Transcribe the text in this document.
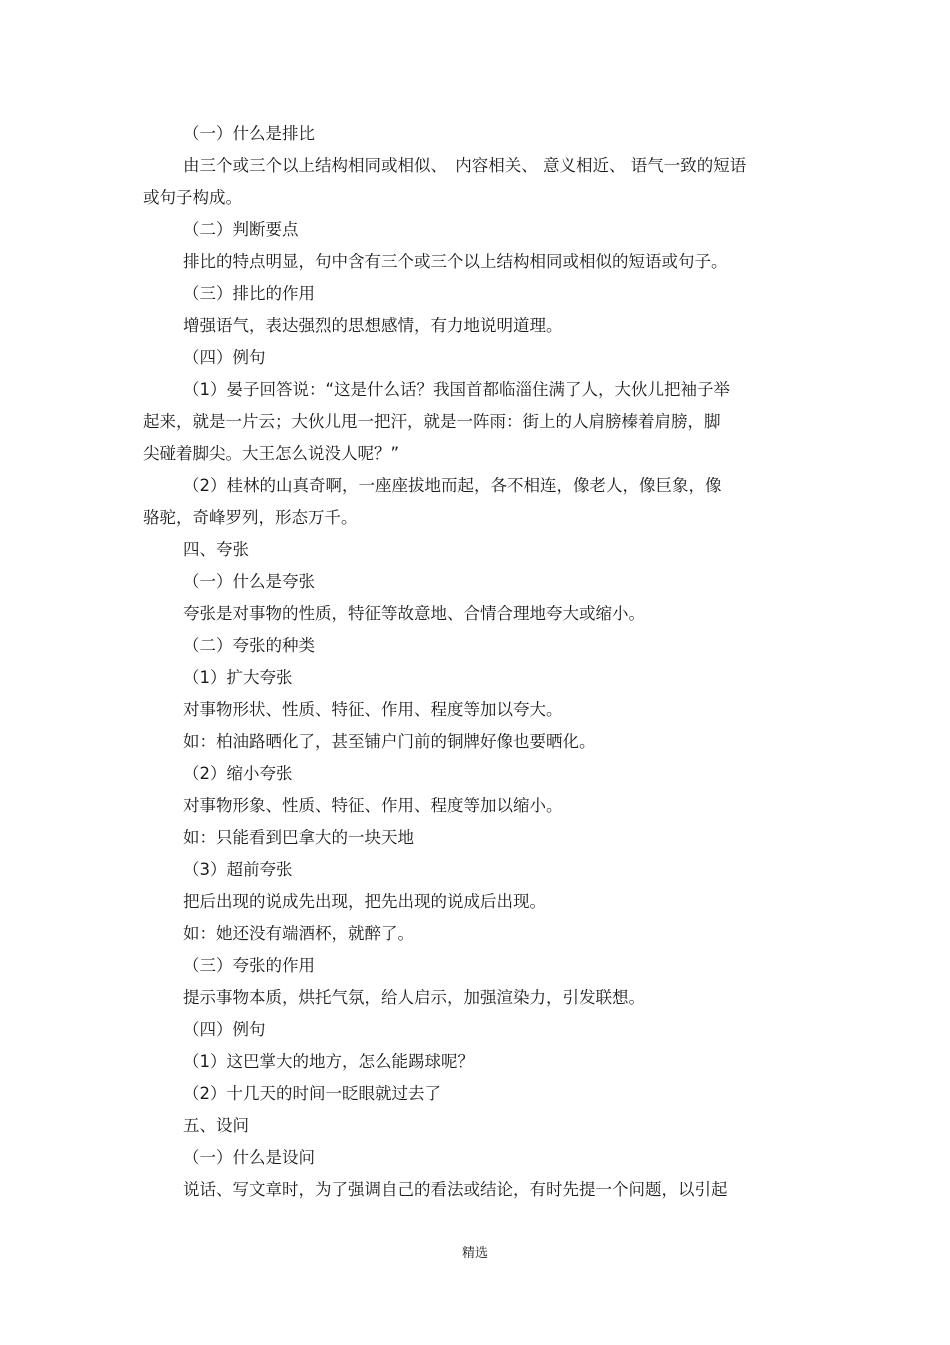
（一）什么是排比
由三个或三个以上结构相同或相似、　内容相关、 意义相近、 语气一致的短语
或句子构成。
（二）判断要点
排比的特点明显，句中含有三个或三个以上结构相同或相似的短语或句子。
（三）排比的作用
增强语气，表达强烈的思想感情，有力地说明道理。
（四）例句
（1）晏子回答说：“这是什么话？我国首都临淄住满了人，大伙儿把袖子举
起来，就是一片云；大伙儿甩一把汗，就是一阵雨：街上的人肩膀榛着肩膀，脚
尖碰着脚尖。大王怎么说没人呢？”
（2）桂林的山真奇啊，一座座拔地而起，各不相连，像老人，像巨象，像
骆驼，奇峰罗列，形态万千。
四、夸张
（一）什么是夸张
夸张是对事物的性质，特征等故意地、合情合理地夸大或缩小。
（二）夸张的种类
（1）扩大夸张
对事物形状、性质、特征、作用、程度等加以夸大。
如：柏油路晒化了，甚至铺户门前的铜牌好像也要晒化。
（2）缩小夸张
对事物形象、性质、特征、作用、程度等加以缩小。
如：只能看到巴拿大的一块天地
（3）超前夸张
把后出现的说成先出现，把先出现的说成后出现。
如：她还没有端酒杯，就醉了。
（三）夸张的作用
提示事物本质，烘托气氛，给人启示，加强渲染力，引发联想。
（四）例句
（1）这巴掌大的地方，怎么能踢球呢？
（2）十几天的时间一眨眼就过去了
五、设问
（一）什么是设问
说话、写文章时，为了强调自己的看法或结论，有时先提一个问题，以引起
精选
